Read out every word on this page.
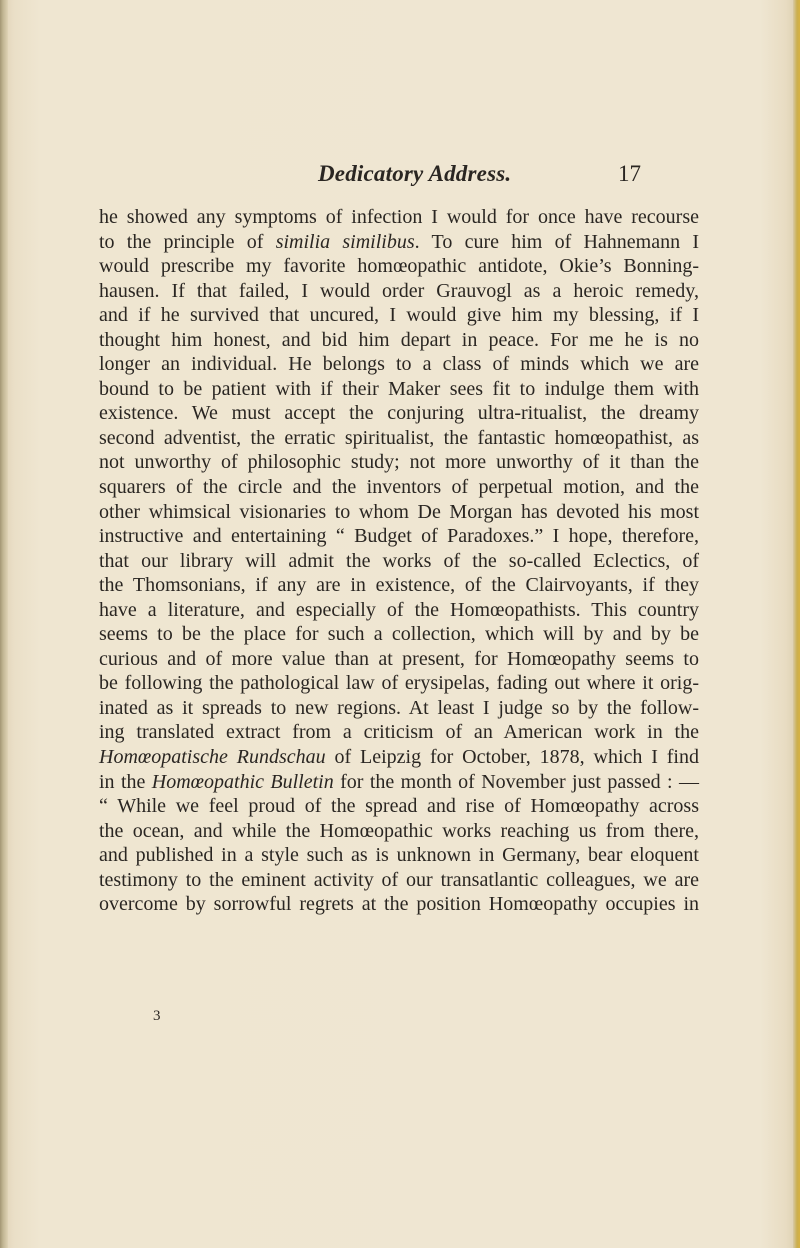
Dedicatory Address.	17
he showed any symptoms of infection I would for once have recourse
to the principle of similia similibus. To cure him of Hahnemann I
would prescribe my favorite homœopathic antidote, Okie’s Bonning-
hausen. If that failed, I would order Grauvogl as a heroic remedy,
and if he survived that uncured, I would give him my blessing, if I
thought him honest, and bid him depart in peace. For me he is no
longer an individual. He belongs to a class of minds which we are
bound to be patient with if their Maker sees fit to indulge them with
existence. We must accept the conjuring ultra-ritualist, the dreamy
second adventist, the erratic spiritualist, the fantastic homœopathist, as
not unworthy of philosophic study; not more unworthy of it than the
squarers of the circle and the inventors of perpetual motion, and the
other whimsical visionaries to whom De Morgan has devoted his most
instructive and entertaining “ Budget of Paradoxes.” I hope, therefore,
that our library will admit the works of the so-called Eclectics, of
the Thomsonians, if any are in existence, of the Clairvoyants, if they
have a literature, and especially of the Homœopathists. This country
seems to be the place for such a collection, which will by and by be
curious and of more value than at present, for Homœopathy seems to
be following the pathological law of erysipelas, fading out where it orig-
inated as it spreads to new regions. At least I judge so by the follow-
ing translated extract from a criticism of an American work in the
Homœopatische Rundschau of Leipzig for October, 1878, which I find
in the Homœopathic Bulletin for the month of November just passed : —
“ While we feel proud of the spread and rise of Homœopathy across
the ocean, and while the Homœopathic works reaching us from there,
and published in a style such as is unknown in Germany, bear eloquent
testimony to the eminent activity of our transatlantic colleagues, we are
overcome by sorrowful regrets at the position Homœopathy occupies in
3
